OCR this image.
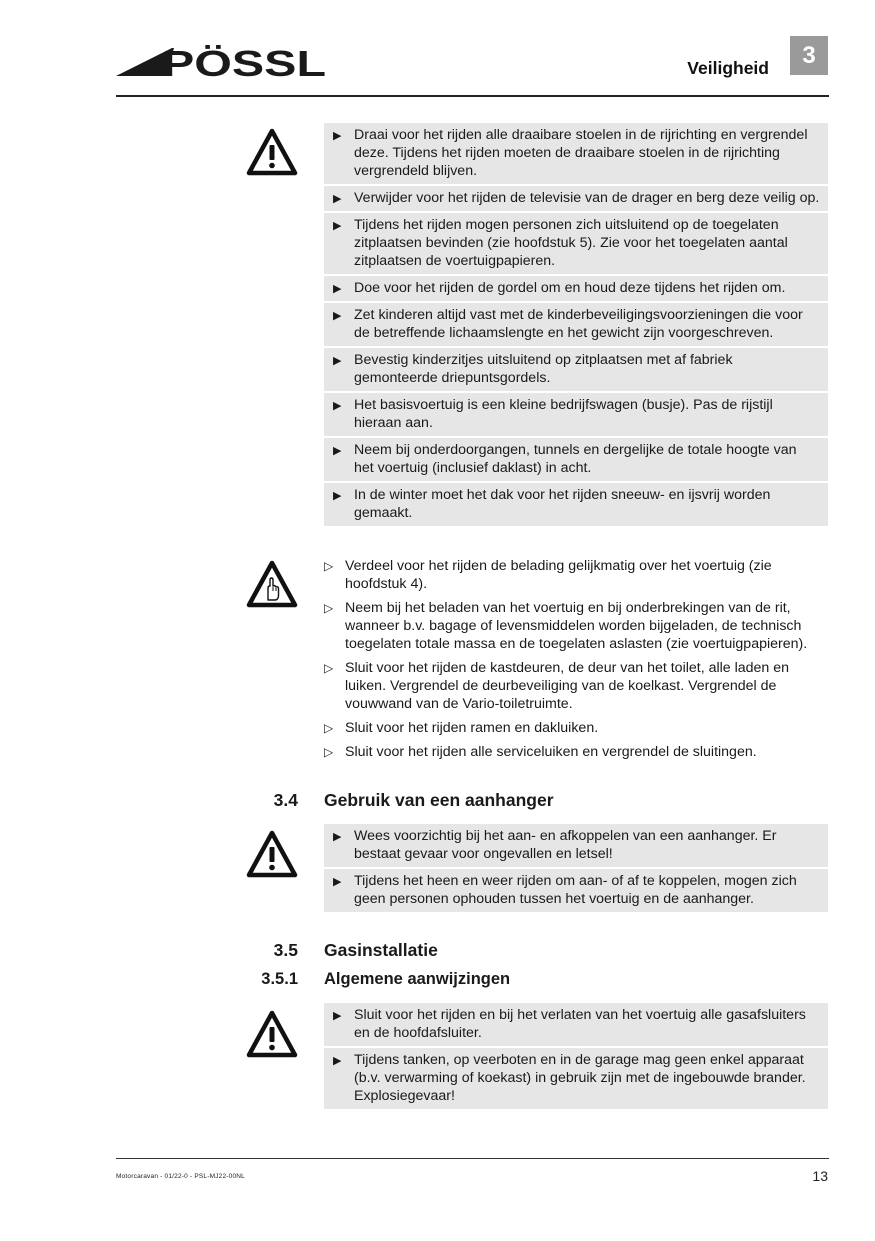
PÖSSL	Veiligheid	3
▶ Draai voor het rijden alle draaibare stoelen in de rijrichting en vergrendel deze. Tijdens het rijden moeten de draaibare stoelen in de rijrichting vergrendeld blijven.
▶ Verwijder voor het rijden de televisie van de drager en berg deze veilig op.
▶ Tijdens het rijden mogen personen zich uitsluitend op de toegelaten zitplaatsen bevinden (zie hoofdstuk 5). Zie voor het toegelaten aantal zitplaatsen de voertuigpapieren.
▶ Doe voor het rijden de gordel om en houd deze tijdens het rijden om.
▶ Zet kinderen altijd vast met de kinderbeveiligingsvoorzieningen die voor de betreffende lichaamslengte en het gewicht zijn voorgeschreven.
▶ Bevestig kinderzitjes uitsluitend op zitplaatsen met af fabriek gemonteerde driepuntsgordels.
▶ Het basisvoertuig is een kleine bedrijfswagen (busje). Pas de rijstijl hieraan aan.
▶ Neem bij onderdoorgangen, tunnels en dergelijke de totale hoogte van het voertuig (inclusief daklast) in acht.
▶ In de winter moet het dak voor het rijden sneeuw- en ijsvrij worden gemaakt.
▷ Verdeel voor het rijden de belading gelijkmatig over het voertuig (zie hoofdstuk 4).
▷ Neem bij het beladen van het voertuig en bij onderbrekingen van de rit, wanneer b.v. bagage of levensmiddelen worden bijgeladen, de technisch toegelaten totale massa en de toegelaten aslasten (zie voertuigpapieren).
▷ Sluit voor het rijden de kastdeuren, de deur van het toilet, alle laden en luiken. Vergrendel de deurbeveiliging van de koelkast. Vergrendel de vouwwand van de Vario-toiletruimte.
▷ Sluit voor het rijden ramen en dakluiken.
▷ Sluit voor het rijden alle serviceluiken en vergrendel de sluitingen.
3.4 Gebruik van een aanhanger
▶ Wees voorzichtig bij het aan- en afkoppelen van een aanhanger. Er bestaat gevaar voor ongevallen en letsel!
▶ Tijdens het heen en weer rijden om aan- of af te koppelen, mogen zich geen personen ophouden tussen het voertuig en de aanhanger.
3.5 Gasinstallatie
3.5.1 Algemene aanwijzingen
▶ Sluit voor het rijden en bij het verlaten van het voertuig alle gasafsluiters en de hoofdafsluiter.
▶ Tijdens tanken, op veerboten en in de garage mag geen enkel apparaat (b.v. verwarming of koekast) in gebruik zijn met de ingebouwde brander. Explosiegevaar!
Motorcaravan - 01/22-0 - PSL-MJ22-00NL	13
